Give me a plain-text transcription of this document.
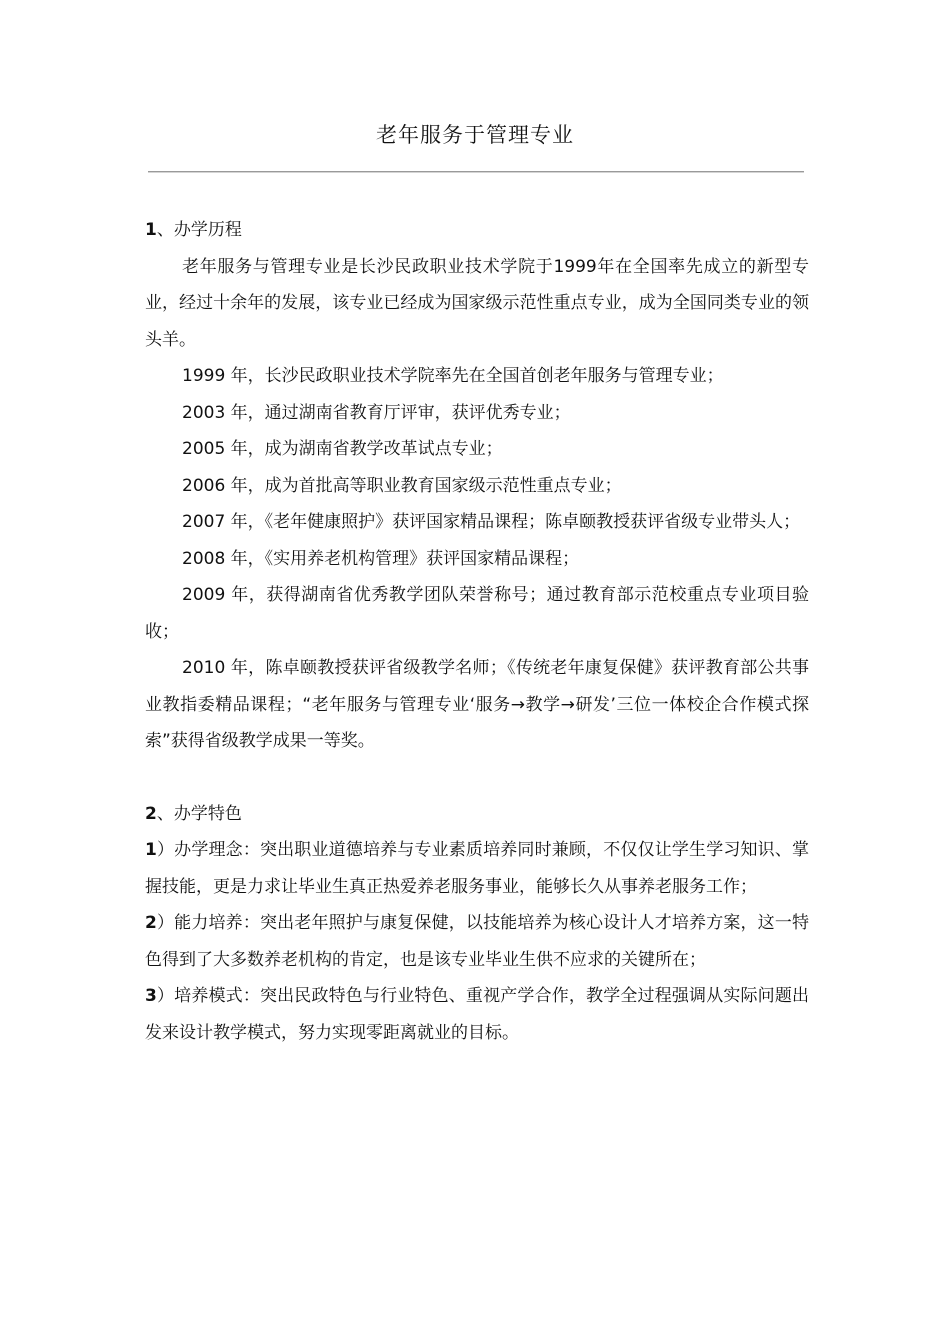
老年服务于管理专业

1、办学历程

老年服务与管理专业是长沙民政职业技术学院于1999年在全国率先成立的新型专业，经过十余年的发展，该专业已经成为国家级示范性重点专业，成为全国同类专业的领头羊。

1999 年，长沙民政职业技术学院率先在全国首创老年服务与管理专业；

2003 年，通过湖南省教育厅评审，获评优秀专业；

2005 年，成为湖南省教学改革试点专业；

2006 年，成为首批高等职业教育国家级示范性重点专业；

2007 年，《老年健康照护》获评国家精品课程；陈卓颐教授获评省级专业带头人；

2008 年，《实用养老机构管理》获评国家精品课程；

2009 年，获得湖南省优秀教学团队荣誉称号；通过教育部示范校重点专业项目验收；

2010 年，陈卓颐教授获评省级教学名师；《传统老年康复保健》获评教育部公共事业教指委精品课程；“老年服务与管理专业‘服务→教学→研发’三位一体校企合作模式探索”获得省级教学成果一等奖。

2、办学特色

1）办学理念：突出职业道德培养与专业素质培养同时兼顾，不仅仅让学生学习知识、掌握技能，更是力求让毕业生真正热爱养老服务事业，能够长久从事养老服务工作；

2）能力培养：突出老年照护与康复保健，以技能培养为核心设计人才培养方案，这一特色得到了大多数养老机构的肯定，也是该专业毕业生供不应求的关键所在；

3）培养模式：突出民政特色与行业特色、重视产学合作，教学全过程强调从实际问题出发来设计教学模式，努力实现零距离就业的目标。
